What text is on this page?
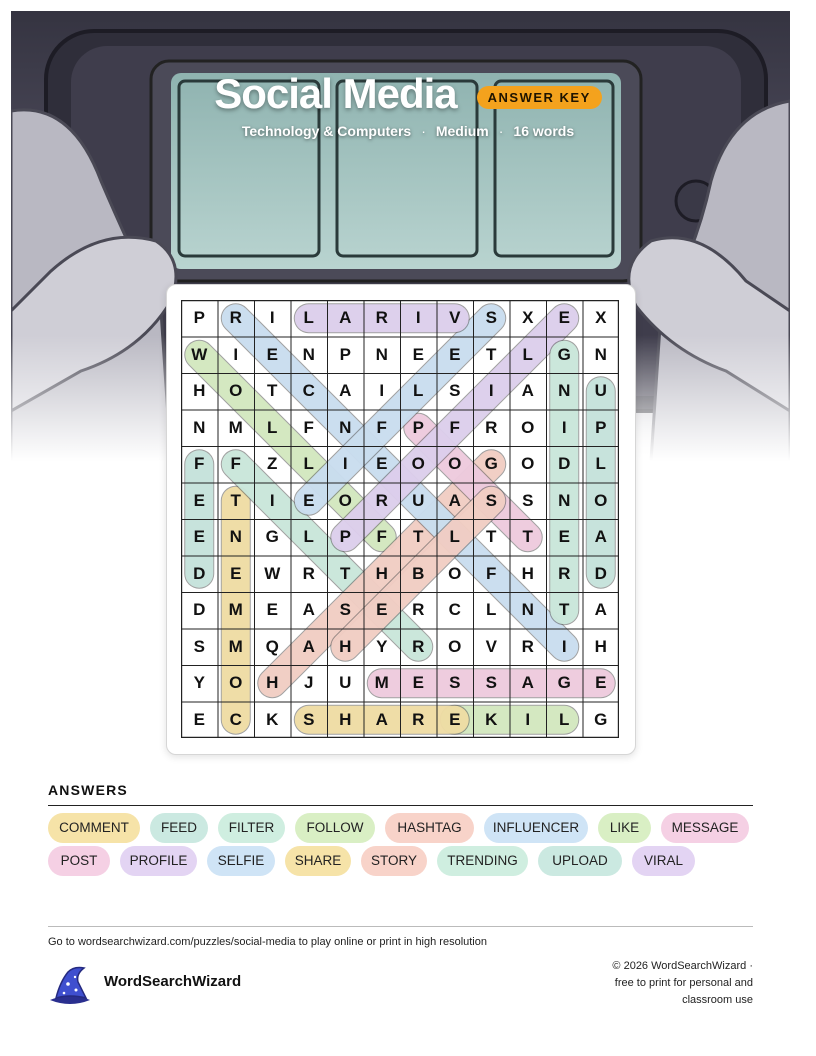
Social Media ANSWER KEY
Technology & Computers · Medium · 16 words
P	R	I	L	A	R	I	V	S	X	E	X
W	I	E	N	P	N	E	E	T	L	G	N
H	O	T	C	A	I	L	S	I	A	N	U
N	M	L	F	N	F	P	F	R	O	I	P
F	F	Z	L	I	E	O	O	G	O	D	L
E	T	I	E	O	R	U	A	S	S	N	O
E	N	G	L	P	F	T	L	T	T	E	A
D	E	W	R	T	H	B	O	F	H	R	D
D	M	E	A	S	E	R	C	L	N	T	A
S	M	Q	A	H	Y	R	O	V	R	I	H
Y	O	H	J	U	M	E	S	S	A	G	E
E	C	K	S	H	A	R	E	K	I	L	G
ANSWERS
COMMENT	FEED	FILTER	FOLLOW	HASHTAG	INFLUENCER	LIKE	MESSAGE
POST	PROFILE	SELFIE	SHARE	STORY	TRENDING	UPLOAD	VIRAL
Go to wordsearchwizard.com/puzzles/social-media to play online or print in high resolution
WordSearchWizard
© 2026 WordSearchWizard ·
free to print for personal and
classroom use
